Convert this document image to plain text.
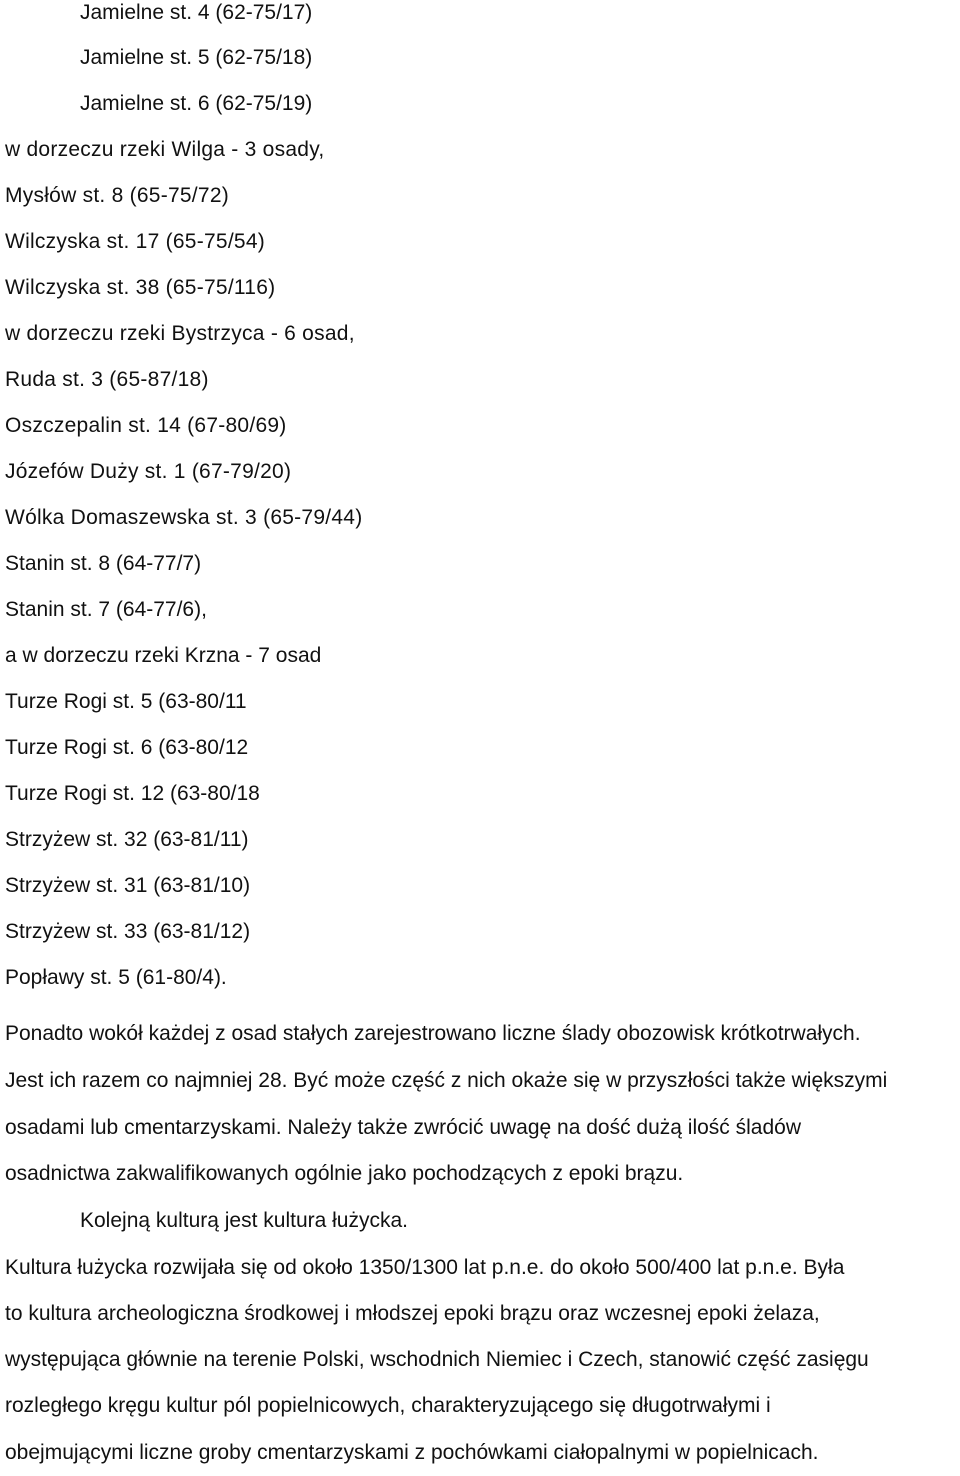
Jamielne st. 4 (62-75/17)
Jamielne st. 5 (62-75/18)
Jamielne st. 6 (62-75/19)
w dorzeczu rzeki Wilga - 3 osady,
Mysłów st. 8 (65-75/72)
Wilczyska st. 17 (65-75/54)
Wilczyska st. 38 (65-75/116)
w dorzeczu rzeki Bystrzyca - 6 osad,
Ruda st. 3 (65-87/18)
Oszczepalin st. 14 (67-80/69)
Józefów Duży st. 1 (67-79/20)
Wólka Domaszewska st. 3 (65-79/44)
Stanin st. 8 (64-77/7)
Stanin st. 7 (64-77/6),
a w dorzeczu rzeki Krzna - 7 osad
Turze Rogi st. 5 (63-80/11
Turze Rogi st. 6 (63-80/12
Turze Rogi st. 12 (63-80/18
Strzyżew st. 32 (63-81/11)
Strzyżew st. 31 (63-81/10)
Strzyżew st. 33 (63-81/12)
Popławy st. 5 (61-80/4).
Ponadto wokół każdej z osad stałych zarejestrowano liczne ślady obozowisk krótkotrwałych.
Jest ich razem co najmniej 28. Być może część z nich okaże się w przyszłości także większymi
osadami lub cmentarzyskami. Należy także zwrócić uwagę na dość dużą ilość śladów
osadnictwa zakwalifikowanych ogólnie jako pochodzących z epoki brązu.
Kolejną kulturą jest kultura łużycka.
Kultura łużycka rozwijała się od około 1350/1300 lat p.n.e. do około 500/400 lat p.n.e. Była
to kultura archeologiczna środkowej i młodszej epoki brązu oraz wczesnej epoki żelaza,
występująca głównie na terenie Polski, wschodnich Niemiec i Czech, stanowić część zasięgu
rozległego kręgu kultur pól popielnicowych, charakteryzującego się długotrwałymi i
obejmującymi liczne groby cmentarzyskami z pochówkami ciałopalnymi w popielnicach.
